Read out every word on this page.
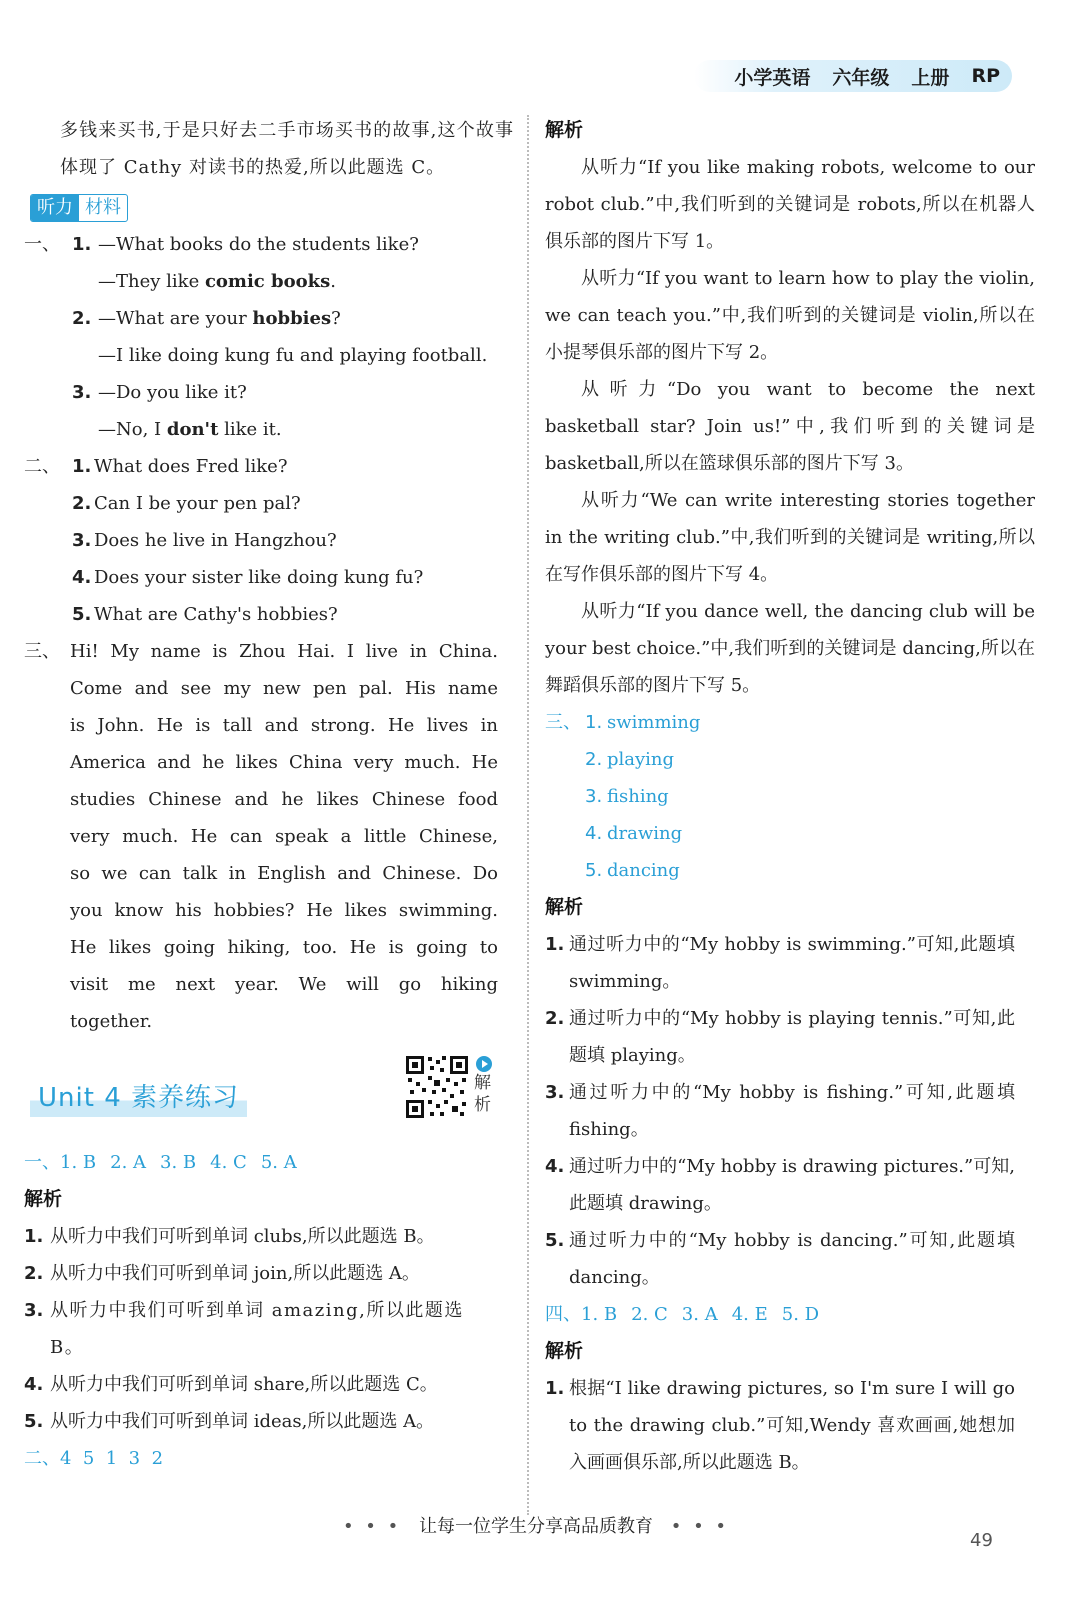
小学英语 六年级 上册 RP

多钱来买书,于是只好去二手市场买书的故事,这个故事体现了 Cathy 对读书的热爱,所以此题选 C。

听力 材料
一、 1. —What books do the students like?
—They like comic books.
2. —What are your hobbies?
—I like doing kung fu and playing football.
3. —Do you like it?
—No, I don't like it.
二、 1. What does Fred like?
2. Can I be your pen pal?
3. Does he live in Hangzhou?
4. Does your sister like doing kung fu?
5. What are Cathy's hobbies?
三、 Hi! My name is Zhou Hai. I live in China. Come and see my new pen pal. His name is John. He is tall and strong. He lives in America and he likes China very much. He studies Chinese and he likes Chinese food very much. He can speak a little Chinese, so we can talk in English and Chinese. Do you know his hobbies? He likes swimming. He likes going hiking, too. He is going to visit me next year. We will go hiking together.

Unit 4 素养练习	解析
一、1. B 2. A 3. B 4. C 5. A
解析
1. 从听力中我们可听到单词 clubs,所以此题选 B。
2. 从听力中我们可听到单词 join,所以此题选 A。
3. 从听力中我们可听到单词 amazing,所以此题选 B。
4. 从听力中我们可听到单词 share,所以此题选 C。
5. 从听力中我们可听到单词 ideas,所以此题选 A。
二、4  5  1  3  2
解析

从听力“If you like making robots, welcome to our robot club.”中,我们听到的关键词是 robots,所以在机器人俱乐部的图片下写 1。

从听力“If you want to learn how to play the violin, we can teach you.”中,我们听到的关键词是 violin,所以在小提琴俱乐部的图片下写 2。

从听力“Do you want to become the next basketball star? Join us!”中,我们听到的关键词是 basketball,所以在篮球俱乐部的图片下写 3。

从听力“We can write interesting stories together in the writing club.”中,我们听到的关键词是 writing,所以在写作俱乐部的图片下写 4。

从听力“If you dance well, the dancing club will be your best choice.”中,我们听到的关键词是 dancing,所以在舞蹈俱乐部的图片下写 5。

三、 1. swimming
2. playing
3. fishing
4. drawing
5. dancing
解析
1. 通过听力中的“My hobby is swimming.”可知,此题填 swimming。
2. 通过听力中的“My hobby is playing tennis.”可知,此题填 playing。
3. 通过听力中的“My hobby is fishing.”可知,此题填 fishing。
4. 通过听力中的“My hobby is drawing pictures.”可知,此题填 drawing。
5. 通过听力中的“My hobby is dancing.”可知,此题填 dancing。
四、1. B 2. C 3. A 4. E 5. D
解析
1. 根据“I like drawing pictures, so I'm sure I will go to the drawing club.”可知,Wendy 喜欢画画,她想加入画画俱乐部,所以此题选 B。
• • • 让每一位学生分享高品质教育 • • •
49
